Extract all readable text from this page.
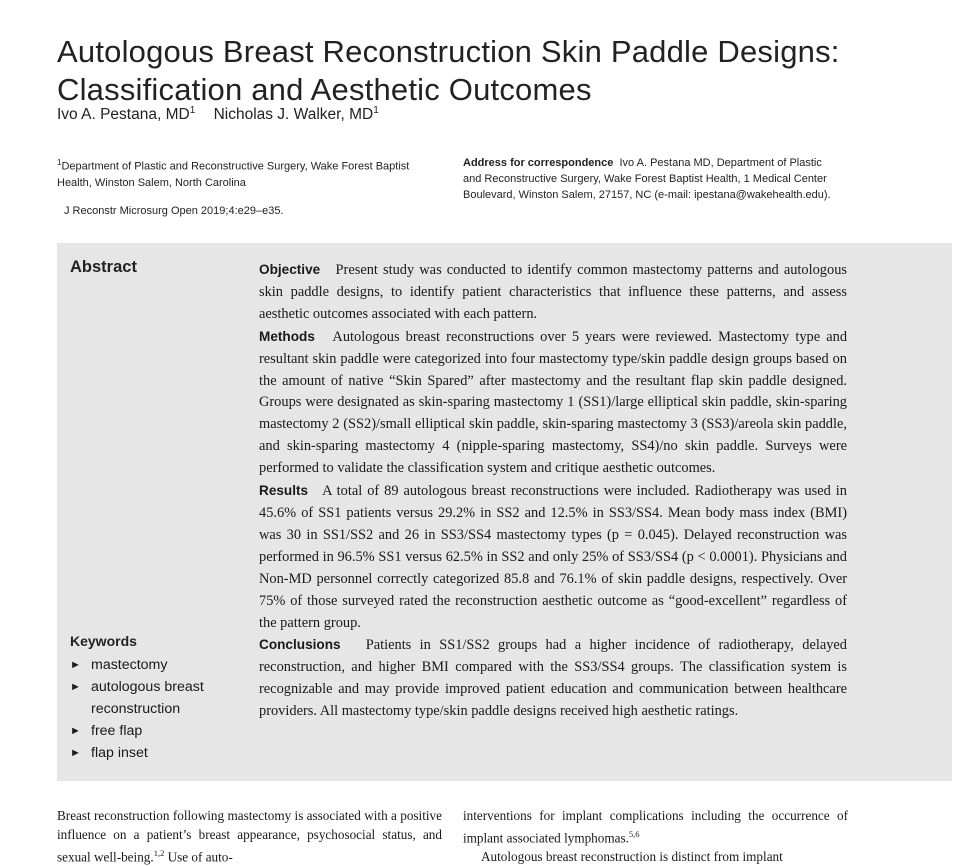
Autologous Breast Reconstruction Skin Paddle Designs: Classification and Aesthetic Outcomes
Ivo A. Pestana, $MD^1$ Nicholas J. Walker, $MD^1$
$^1$Department of Plastic and Reconstructive Surgery, Wake Forest Baptist Health, Winston Salem, North Carolina
J Reconstr Microsurg Open 2019;4:e29–e35.
Address for correspondence Ivo A. Pestana MD, Department of Plastic and Reconstructive Surgery, Wake Forest Baptist Health, 1 Medical Center Boulevard, Winston Salem, 27157, NC (e-mail: ipestana@wakehealth.edu).
Abstract	Objective Present study was conducted to identify common mastectomy patterns and autologous skin paddle designs, to identify patient characteristics that influence these patterns, and assess aesthetic outcomes associated with each pattern.

Methods Autologous breast reconstructions over 5 years were reviewed. Mastectomy type and resultant skin paddle were categorized into four mastectomy type/skin paddle design groups based on the amount of native “Skin Spared” after mastectomy and the resultant flap skin paddle designed. Groups were designated as skin-sparing mastectomy 1 (SS1)/large elliptical skin paddle, skin-sparing mastectomy 2 (SS2)/small elliptical skin paddle, skin-sparing mastectomy 3 (SS3)/areola skin paddle, and skin-sparing mastectomy 4 (nipple-sparing mastectomy, SS4)/no skin paddle. Surveys were performed to validate the classification system and critique aesthetic outcomes.

Results A total of 89 autologous breast reconstructions were included. Radiotherapy was used in 45.6% of SS1 patients versus 29.2% in SS2 and 12.5% in SS3/SS4. Mean body mass index (BMI) was 30 in SS1/SS2 and 26 in SS3/SS4 mastectomy types (p = 0.045). Delayed reconstruction was performed in 96.5% SS1 versus 62.5% in SS2 and only 25% of SS3/SS4 (p < 0.0001). Physicians and Non-MD personnel correctly categorized 85.8 and 76.1% of skin paddle designs, respectively. Over 75% of those surveyed rated the reconstruction aesthetic outcome as “good-excellent” regardless of the pattern group.

Conclusions Patients in SS1/SS2 groups had a higher incidence of radiotherapy, delayed reconstruction, and higher BMI compared with the SS3/SS4 groups. The classification system is recognizable and may provide improved patient education and communication between healthcare providers. All mastectomy type/skin paddle designs received high aesthetic ratings.

Keywords
► mastectomy
► autologous breast reconstruction
► free flap
► flap inset

Breast reconstruction following mastectomy is associated with a positive influence on a patient’s breast appearance, psychosocial status, and sexual well-being.$^{1,2}$ Use of auto-

interventions for implant complications including the occurrence of implant associated lymphomas.$^{5,6}$

Autologous breast reconstruction is distinct from implant
